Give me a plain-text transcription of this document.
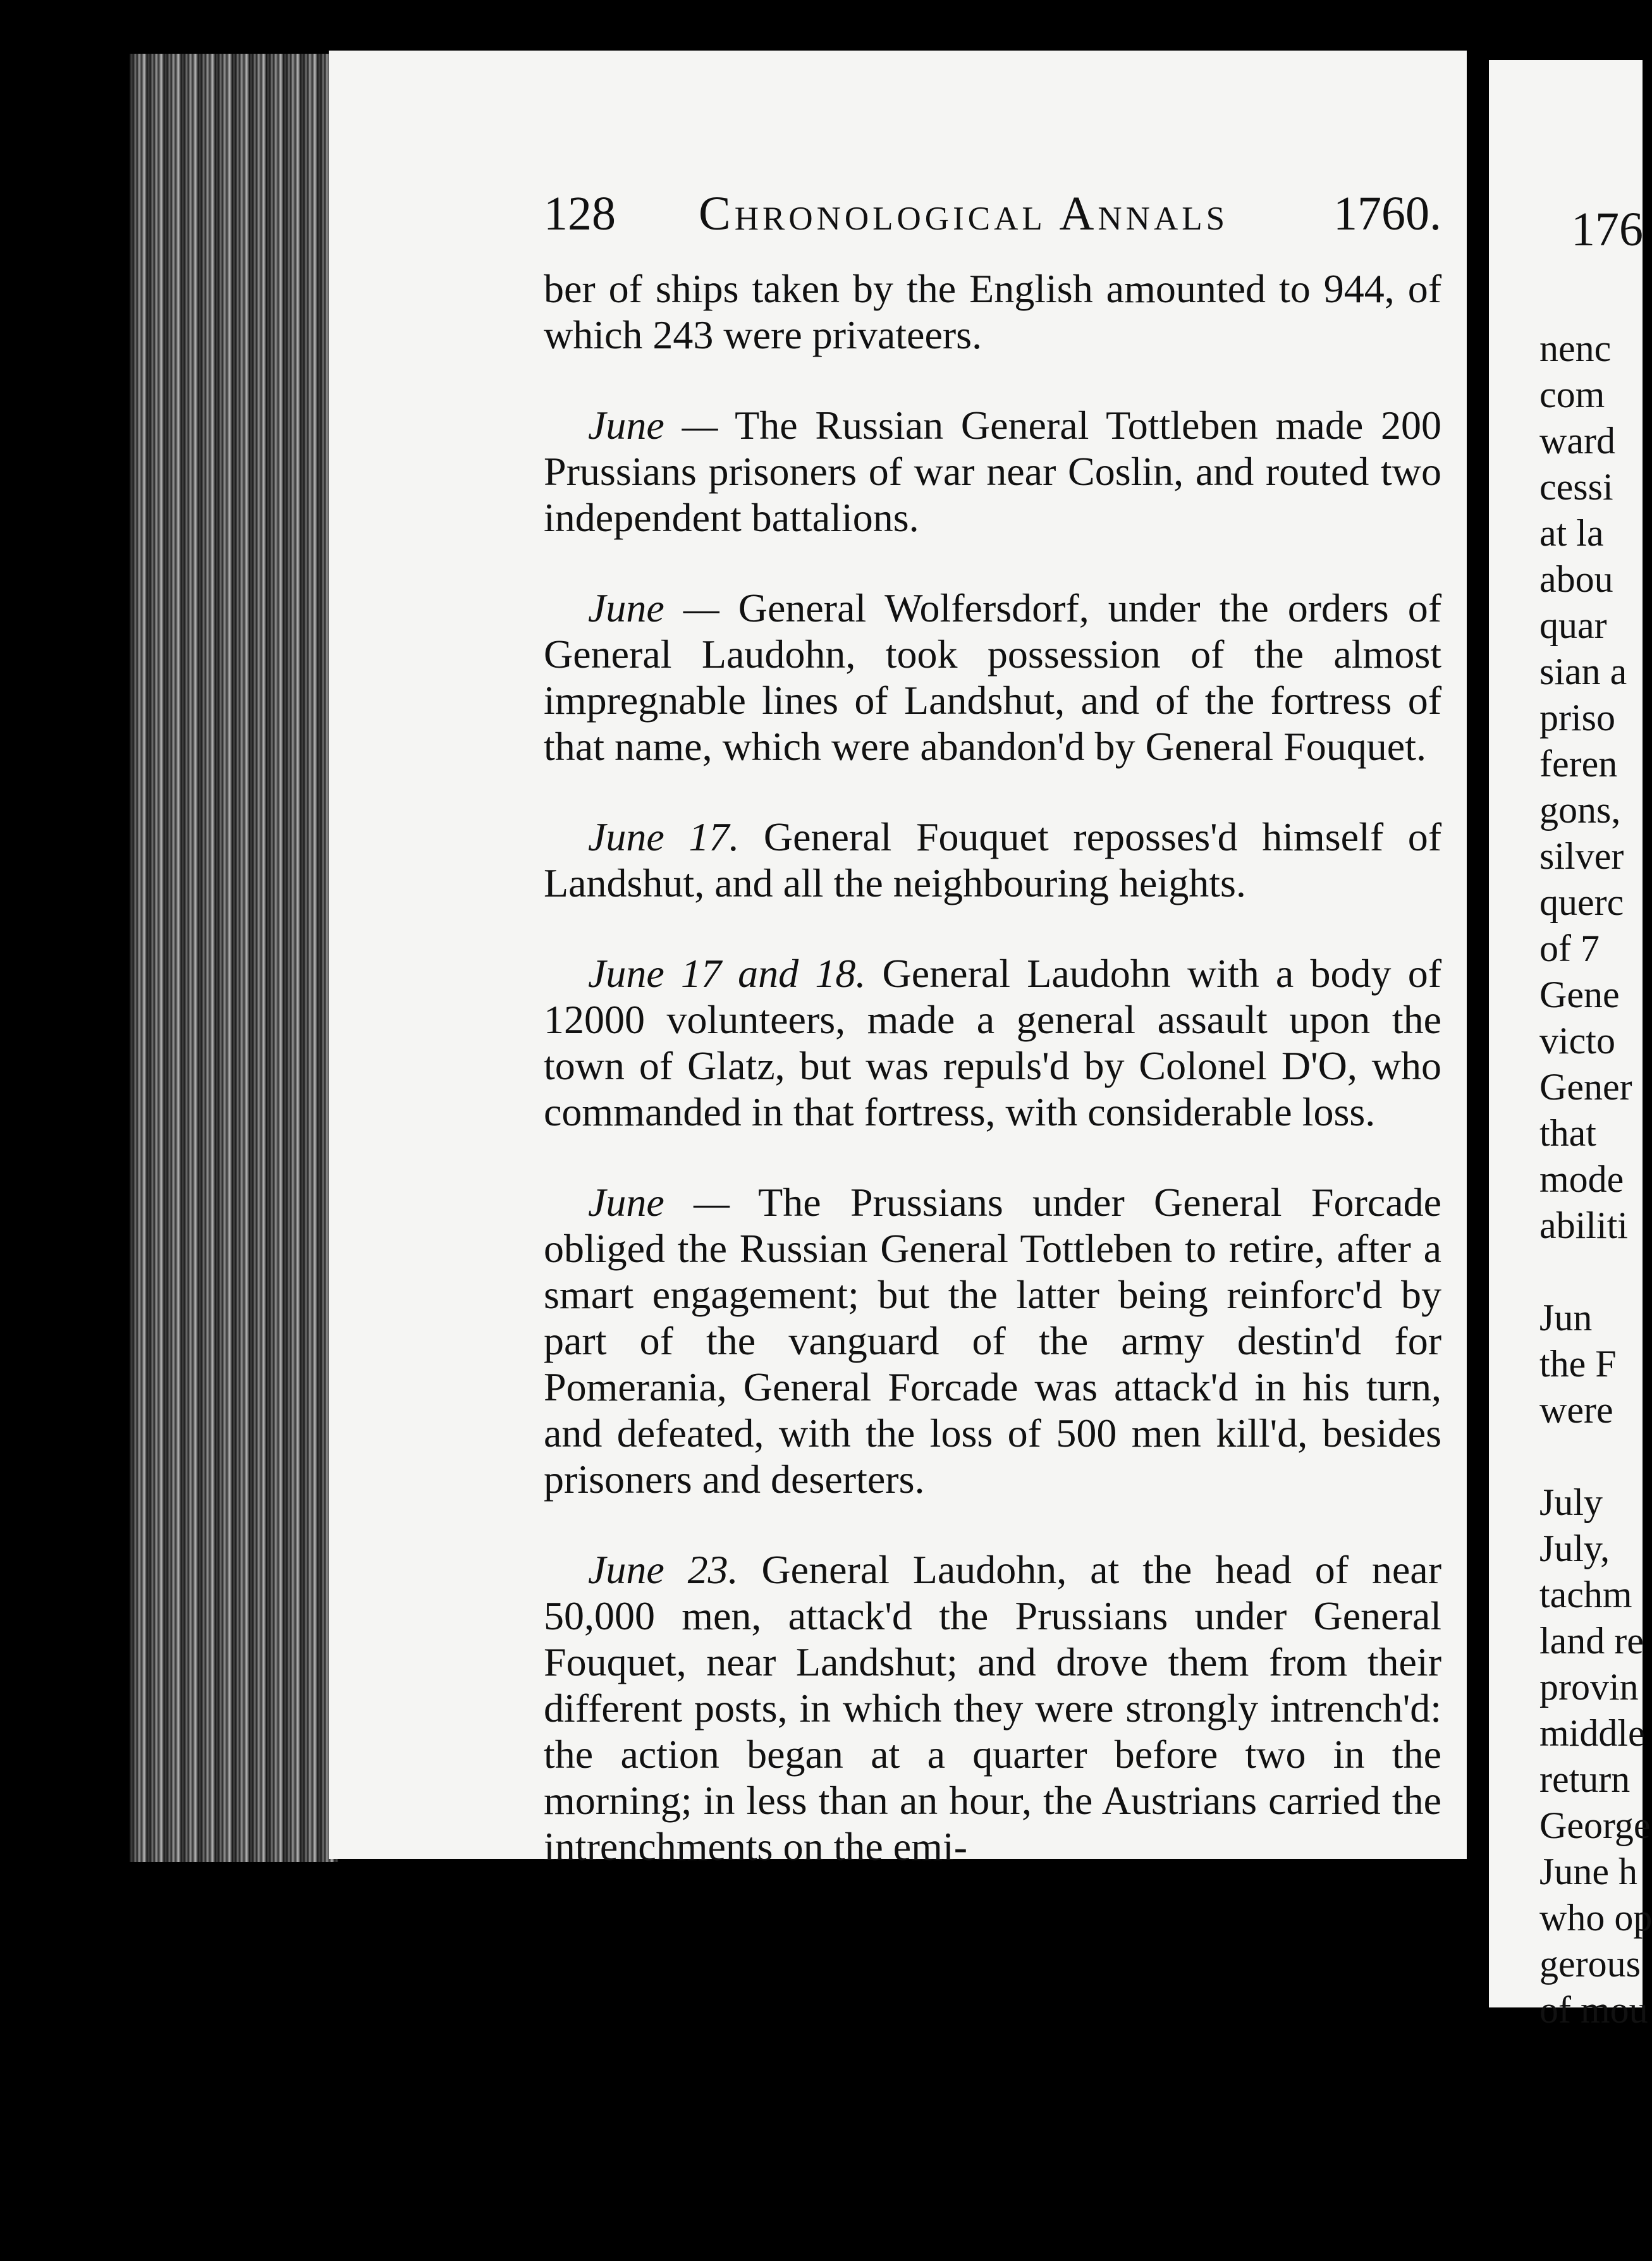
128 Chronological Annals 1760.

ber of ships taken by the English amounted to 944, of which 243 were privateers.

June — The Russian General Tottleben made 200 Prussians prisoners of war near Coslin, and routed two independent battalions.

June — General Wolfersdorf, under the orders of General Laudohn, took possession of the almost impregnable lines of Landshut, and of the fortress of that name, which were abandon'd by General Fouquet.

June 17. General Fouquet reposses'd himself of Landshut, and all the neighbouring heights.

June 17 and 18. General Laudohn with a body of 12000 volunteers, made a general assault upon the town of Glatz, but was repuls'd by Colonel D'O, who commanded in that fortress, with considerable loss.

June — The Prussians under General Forcade obliged the Russian General Tottleben to retire, after a smart engagement; but the latter being reinforc'd by part of the vanguard of the army destin'd for Pomerania, General Forcade was attack'd in his turn, and defeated, with the loss of 500 men kill'd, besides prisoners and deserters.

June 23. General Laudohn, at the head of near 50,000 men, attack'd the Prussians under General Fouquet, near Landshut; and drove them from their different posts, in which they were strongly intrench'd: the action began at a quarter before two in the morning; in less than an hour, the Austrians carried the intrenchments on the emi-

176
nenc
com
ward
cessi
at la
abou
quar
sian a
priso
feren
gons,
silver
querc
of 7
Gene
victo
Gener
that
mode
abiliti

Jun
the F
were

July
July,
tachm
land re
provin
middle
return
George
June h
who op
gerous
of mou
